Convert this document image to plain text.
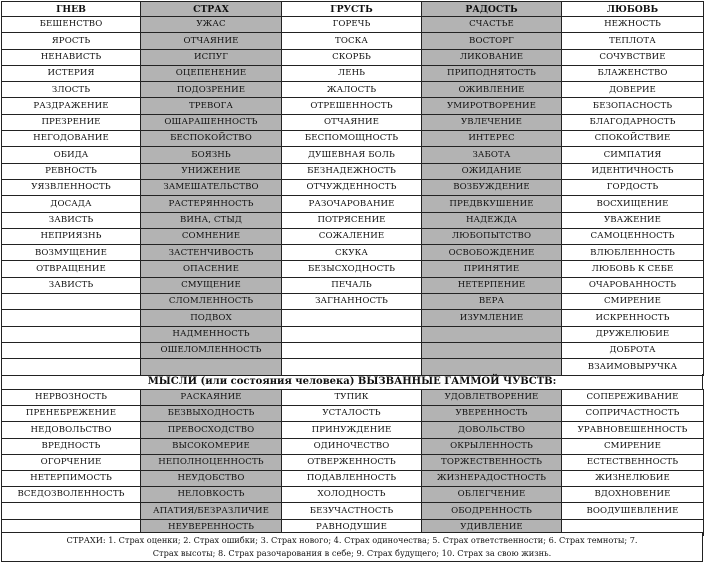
ГНЕВ	СТРАХ	ГРУСТЬ	РАДОСТЬ	ЛЮБОВЬ
БЕШЕНСТВО	УЖАС	ГОРЕЧЬ	СЧАСТЬЕ	НЕЖНОСТЬ
ЯРОСТЬ	ОТЧАЯНИЕ	ТОСКА	ВОСТОРГ	ТЕПЛОТА
НЕНАВИСТЬ	ИСПУГ	СКОРБЬ	ЛИКОВАНИЕ	СОЧУВСТВИЕ
ИСТЕРИЯ	ОЦЕПЕНЕНИЕ	ЛЕНЬ	ПРИПОДНЯТОСТЬ	БЛАЖЕНСТВО
ЗЛОСТЬ	ПОДОЗРЕНИЕ	ЖАЛОСТЬ	ОЖИВЛЕНИЕ	ДОВЕРИЕ
РАЗДРАЖЕНИЕ	ТРЕВОГА	ОТРЕШЕННОСТЬ	УМИРОТВОРЕНИЕ	БЕЗОПАСНОСТЬ
ПРЕЗРЕНИЕ	ОШАРАШЕННОСТЬ	ОТЧАЯНИЕ	УВЛЕЧЕНИЕ	БЛАГОДАРНОСТЬ
НЕГОДОВАНИЕ	БЕСПОКОЙСТВО	БЕСПОМОЩНОСТЬ	ИНТЕРЕС	СПОКОЙСТВИЕ
ОБИДА	БОЯЗНЬ	ДУШЕВНАЯ БОЛЬ	ЗАБОТА	СИМПАТИЯ
РЕВНОСТЬ	УНИЖЕНИЕ	БЕЗНАДЕЖНОСТЬ	ОЖИДАНИЕ	ИДЕНТИЧНОСТЬ
УЯЗВЛЕННОСТЬ	ЗАМЕШАТЕЛЬСТВО	ОТЧУЖДЕННОСТЬ	ВОЗБУЖДЕНИЕ	ГОРДОСТЬ
ДОСАДА	РАСТЕРЯННОСТЬ	РАЗОЧАРОВАНИЕ	ПРЕДВКУШЕНИЕ	ВОСХИЩЕНИЕ
ЗАВИСТЬ	ВИНА, СТЫД	ПОТРЯСЕНИЕ	НАДЕЖДА	УВАЖЕНИЕ
НЕПРИЯЗНЬ	СОМНЕНИЕ	СОЖАЛЕНИЕ	ЛЮБОПЫТСТВО	САМОЦЕННОСТЬ
ВОЗМУЩЕНИЕ	ЗАСТЕНЧИВОСТЬ	СКУКА	ОСВОБОЖДЕНИЕ	ВЛЮБЛЕННОСТЬ
ОТВРАЩЕНИЕ	ОПАСЕНИЕ	БЕЗЫСХОДНОСТЬ	ПРИНЯТИЕ	ЛЮБОВЬ К СЕБЕ
ЗАВИСТЬ	СМУЩЕНИЕ	ПЕЧАЛЬ	НЕТЕРПЕНИЕ	ОЧАРОВАННОСТЬ
	СЛОМЛЕННОСТЬ	ЗАГНАННОСТЬ	ВЕРА	СМИРЕНИЕ
	ПОДВОХ		ИЗУМЛЕНИЕ	ИСКРЕННОСТЬ
	НАДМЕННОСТЬ			ДРУЖЕЛЮБИЕ
	ОШЕЛОМЛЕННОСТЬ			ДОБРОТА
				ВЗАИМОВЫРУЧКА
МЫСЛИ (или состояния человека) ВЫЗВАННЫЕ ГАММОЙ ЧУВСТВ:
НЕРВОЗНОСТЬ	РАСКАЯНИЕ	ТУПИК	УДОВЛЕТВОРЕНИЕ	СОПЕРЕЖИВАНИЕ
ПРЕНЕБРЕЖЕНИЕ	БЕЗВЫХОДНОСТЬ	УСТАЛОСТЬ	УВЕРЕННОСТЬ	СОПРИЧАСТНОСТЬ
НЕДОВОЛЬСТВО	ПРЕВОСХОДСТВО	ПРИНУЖДЕНИЕ	ДОВОЛЬСТВО	УРАВНОВЕШЕННОСТЬ
ВРЕДНОСТЬ	ВЫСОКОМЕРИЕ	ОДИНОЧЕСТВО	ОКРЫЛЕННОСТЬ	СМИРЕНИЕ
ОГОРЧЕНИЕ	НЕПОЛНОЦЕННОСТЬ	ОТВЕРЖЕННОСТЬ	ТОРЖЕСТВЕННОСТЬ	ЕСТЕСТВЕННОСТЬ
НЕТЕРПИМОСТЬ	НЕУДОБСТВО	ПОДАВЛЕННОСТЬ	ЖИЗНЕРАДОСТНОСТЬ	ЖИЗНЕЛЮБИЕ
ВСЕДОЗВОЛЕННОСТЬ	НЕЛОВКОСТЬ	ХОЛОДНОСТЬ	ОБЛЕГЧЕНИЕ	ВДОХНОВЕНИЕ
	АПАТИЯ/БЕЗРАЗЛИЧИЕ	БЕЗУЧАСТНОСТЬ	ОБОДРЕННОСТЬ	ВООДУШЕВЛЕНИЕ
	НЕУВЕРЕННОСТЬ	РАВНОДУШИЕ	УДИВЛЕНИЕ	
СТРАХИ: 1. Страх оценки; 2. Страх ошибки; 3. Страх нового; 4. Страх одиночества; 5. Страх ответственности; 6. Страх темноты; 7.
Страх высоты; 8. Страх разочарования в себе; 9. Страх будущего; 10. Страх за свою жизнь.
